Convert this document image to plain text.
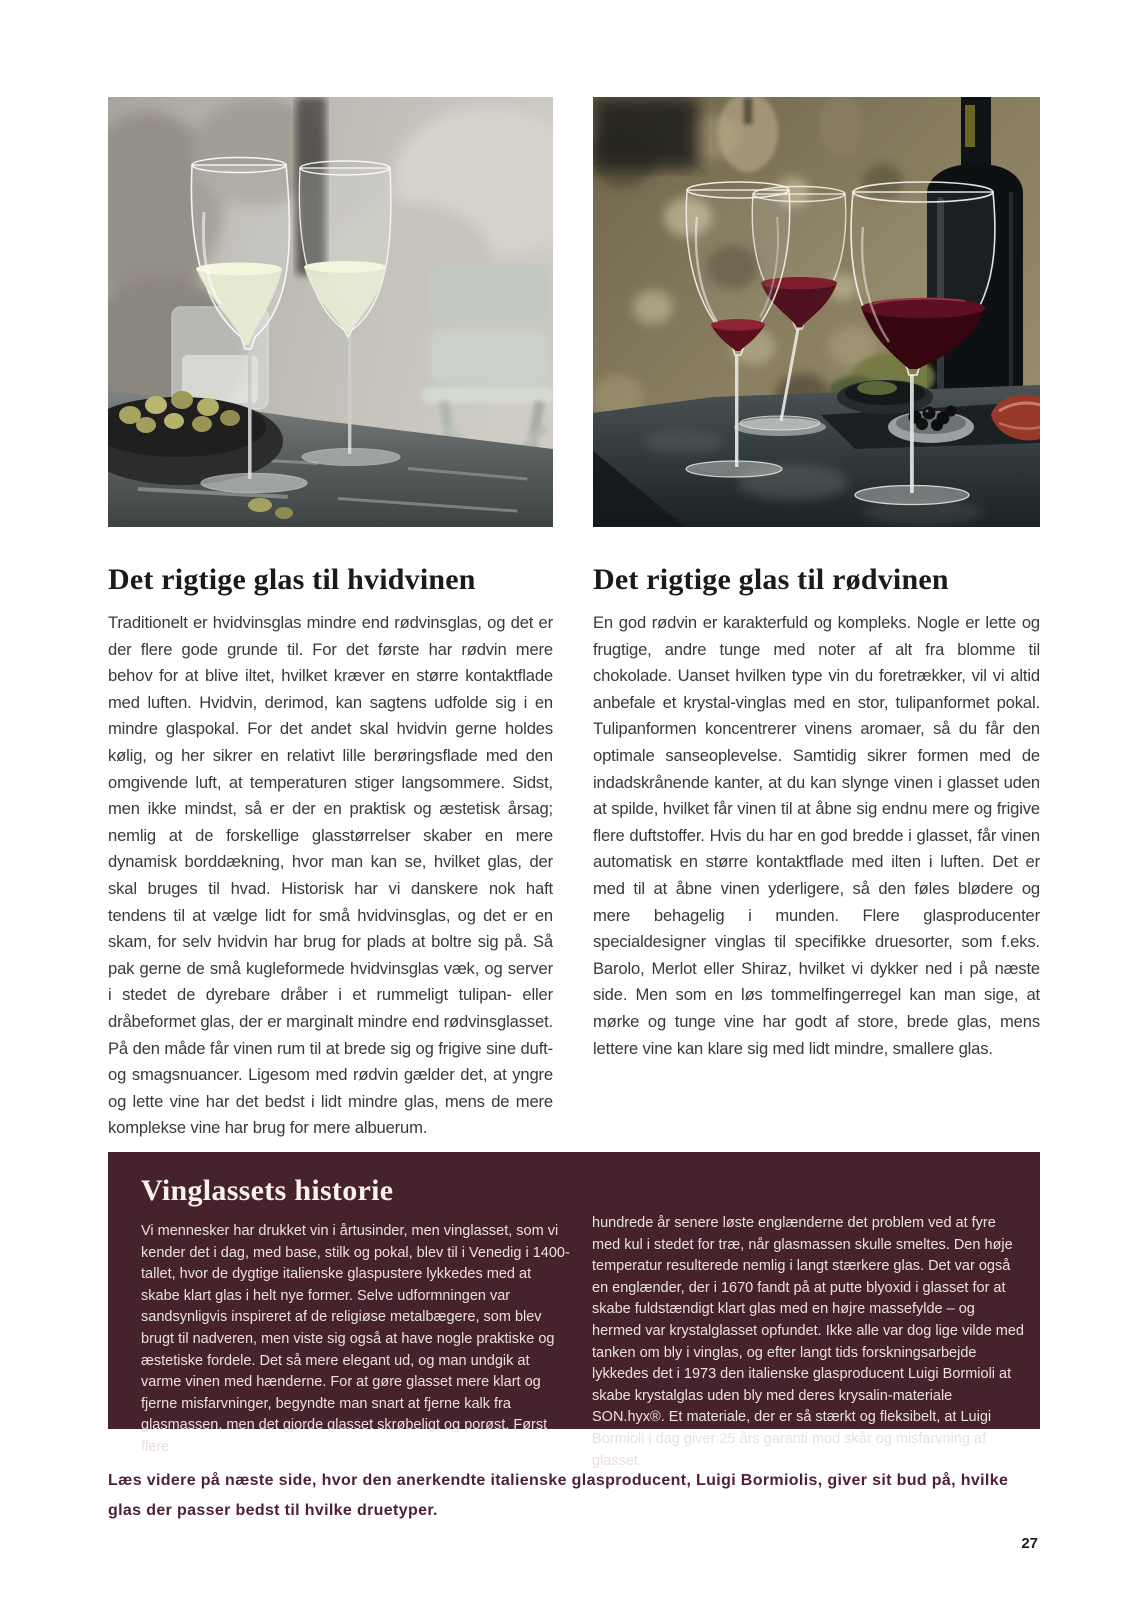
Det rigtige glas til hvidvinen

Traditionelt er hvidvinsglas mindre end rødvinsglas, og det er der flere gode grunde til. For det første har rødvin mere behov for at blive iltet, hvilket kræver en større kontaktflade med luften. Hvidvin, derimod, kan sagtens udfolde sig i en mindre glaspokal. For det andet skal hvidvin gerne holdes kølig, og her sikrer en relativt lille berøringsflade med den omgivende luft, at temperaturen stiger langsommere. Sidst, men ikke mindst, så er der en praktisk og æstetisk årsag; nemlig at de forskellige glasstørrelser skaber en mere dynamisk borddækning, hvor man kan se, hvilket glas, der skal bruges til hvad. Historisk har vi danskere nok haft tendens til at vælge lidt for små hvidvinsglas, og det er en skam, for selv hvidvin har brug for plads at boltre sig på. Så pak gerne de små kugleformede hvidvinsglas væk, og server i stedet de dyrebare dråber i et rummeligt tulipan- eller dråbeformet glas, der er marginalt mindre end rødvinsglasset. På den måde får vinen rum til at brede sig og frigive sine duft- og smagsnuancer. Ligesom med rødvin gælder det, at yngre og lette vine har det bedst i lidt mindre glas, mens de mere komplekse vine har brug for mere albuerum.

Det rigtige glas til rødvinen

En god rødvin er karakterfuld og kompleks. Nogle er lette og frugtige, andre tunge med noter af alt fra blomme til chokolade. Uanset hvilken type vin du foretrækker, vil vi altid anbefale et krystal-vinglas med en stor, tulipanformet pokal. Tulipanformen koncentrerer vinens aromaer, så du får den optimale sanseoplevelse. Samtidig sikrer formen med de indadskrånende kanter, at du kan slynge vinen i glasset uden at spilde, hvilket får vinen til at åbne sig endnu mere og frigive flere duftstoffer. Hvis du har en god bredde i glasset, får vinen automatisk en større kontaktflade med ilten i luften. Det er med til at åbne vinen yderligere, så den føles blødere og mere behagelig i munden. Flere glasproducenter specialdesigner vinglas til specifikke druesorter, som f.eks. Barolo, Merlot eller Shiraz, hvilket vi dykker ned i på næste side. Men som en løs tommelfingerregel kan man sige, at mørke og tunge vine har godt af store, brede glas, mens lettere vine kan klare sig med lidt mindre, smallere glas.

Vinglassets historie

Vi mennesker har drukket vin i årtusinder, men vinglasset, som vi kender det i dag, med base, stilk og pokal, blev til i Venedig i 1400-tallet, hvor de dygtige italienske glaspustere lykkedes med at skabe klart glas i helt nye former. Selve udformningen var sandsynligvis inspireret af de religiøse metalbægere, som blev brugt til nadveren, men viste sig også at have nogle praktiske og æstetiske fordele. Det så mere elegant ud, og man undgik at varme vinen med hænderne. For at gøre glasset mere klart og fjerne misfarvninger, begyndte man snart at fjerne kalk fra glasmassen, men det gjorde glasset skrøbeligt og porøst. Først flere

hundrede år senere løste englænderne det problem ved at fyre med kul i stedet for træ, når glasmassen skulle smeltes. Den høje temperatur resulterede nemlig i langt stærkere glas. Det var også en englænder, der i 1670 fandt på at putte blyoxid i glasset for at skabe fuldstændigt klart glas med en højre massefylde – og hermed var krystalglasset opfundet. Ikke alle var dog lige vilde med tanken om bly i vinglas, og efter langt tids forskningsarbejde lykkedes det i 1973 den italienske glasproducent Luigi Bormioli at skabe krystalglas uden bly med deres krysalin-materiale SON.hyx®. Et materiale, der er så stærkt og fleksibelt, at Luigi Bormioli i dag giver 25 års garanti mod skår og misfarvning af glasset.

Læs videre på næste side, hvor den anerkendte italienske glasproducent, Luigi Bormiolis, giver sit bud på, hvilke glas der passer bedst til hvilke druetyper.

27
